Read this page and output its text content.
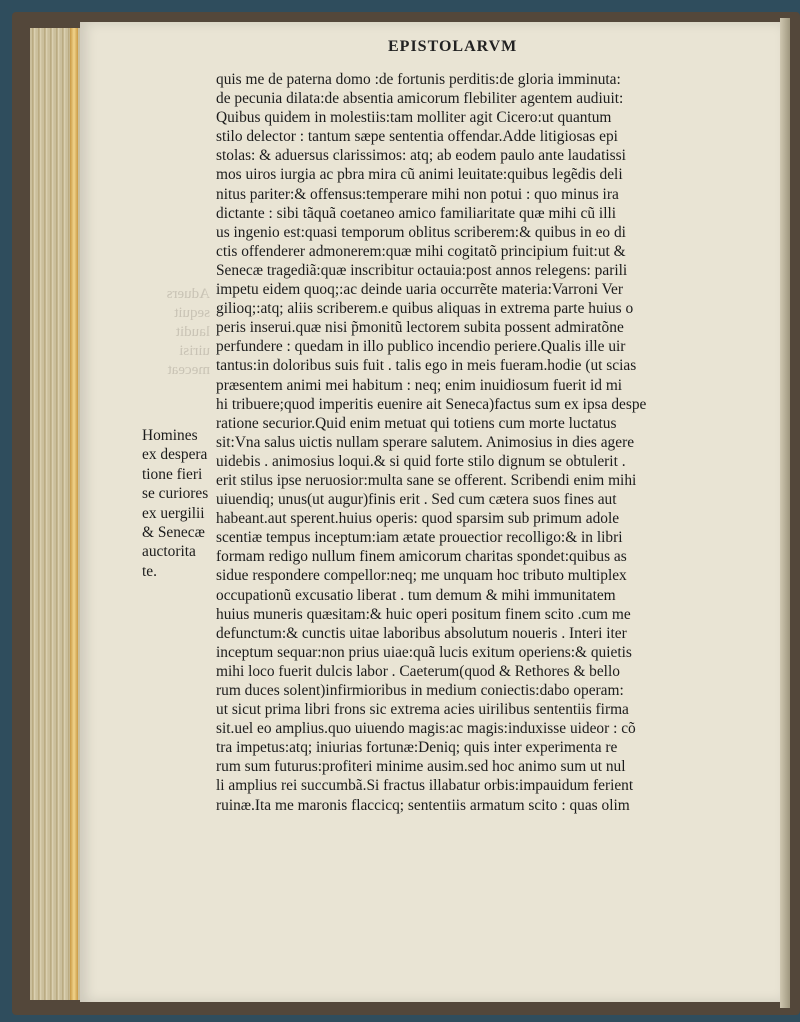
EPISTOLARVM
Aduers
sequit
laudit
uirisi
meceat
quis me de paterna domo :de fortunis perditis:de gloria imminuta:
de pecunia dilata:de absentia amicorum flebiliter agentem audiuit:
Quibus quidem in molestiis:tam molliter agit Cicero:ut quantum
stilo delector : tantum sæpe sententia offendar.Adde litigiosas epi
stolas: & aduersus clarissimos: atq; ab eodem paulo ante laudatissi
mos uiros iurgia ac pbra mira cũ animi leuitate:quibus legẽdis deli
nitus pariter:& offensus:temperare mihi non potui : quo minus ira
dictante : sibi tãquã coetaneo amico familiaritate quæ mihi cũ illi
us ingenio est:quasi temporum oblitus scriberem:& quibus in eo di
ctis offenderer admonerem:quæ mihi cogitatõ principium fuit:ut &
Senecæ tragediã:quæ inscribitur octauia:post annos relegens: parili
impetu eidem quoq;:ac deinde uaria occurrẽte materia:Varroni Ver
gilioq;:atq; aliis scriberem.e quibus aliquas in extrema parte huius o
peris inserui.quæ nisi p̃monitũ lectorem subita possent admiratõne
perfundere : quedam in illo publico incendio periere.Qualis ille uir
tantus:in doloribus suis fuit . talis ego in meis fueram.hodie (ut scias
præsentem animi mei habitum : neq; enim inuidiosum fuerit id mi
hi tribuere;quod imperitis euenire ait Seneca)factus sum ex ipsa despe
ratione securior.Quid enim metuat qui totiens cum morte luctatus
sit:Vna salus uictis nullam sperare salutem. Animosius in dies agere
uidebis . animosius loqui.& si quid forte stilo dignum se obtulerit .
erit stilus ipse neruosior:multa sane se offerent. Scribendi enim mihi
uiuendiq; unus(ut augur)finis erit . Sed cum cætera suos fines aut
habeant.aut sperent.huius operis: quod sparsim sub primum adole
scentiæ tempus inceptum:iam ætate prouectior recolligo:& in libri
formam redigo nullum finem amicorum charitas spondet:quibus as
sidue respondere compellor:neq; me unquam hoc tributo multiplex
occupationũ excusatio liberat . tum demum & mihi immunitatem
huius muneris quæsitam:& huic operi positum finem scito .cum me
defunctum:& cunctis uitae laboribus absolutum noueris . Interi iter
inceptum sequar:non prius uiae:quã lucis exitum operiens:& quietis
mihi loco fuerit dulcis labor . Caeterum(quod & Rethores & bello
rum duces solent)infirmioribus in medium coniectis:dabo operam:
ut sicut prima libri frons sic extrema acies uirilibus sententiis firma
sit.uel eo amplius.quo uiuendo magis:ac magis:induxisse uideor : cõ
tra impetus:atq; iniurias fortunæ:Deniq; quis inter experimenta re
rum sum futurus:profiteri minime ausim.sed hoc animo sum ut nul
li amplius rei succumbã.Si fractus illabatur orbis:impauidum ferient
ruinæ.Ita me maronis flaccicq; sententiis armatum scito : quas olim
Homines
ex despera
tione fieri
se curiores
ex uergilii
& Senecæ
auctorita
te.
